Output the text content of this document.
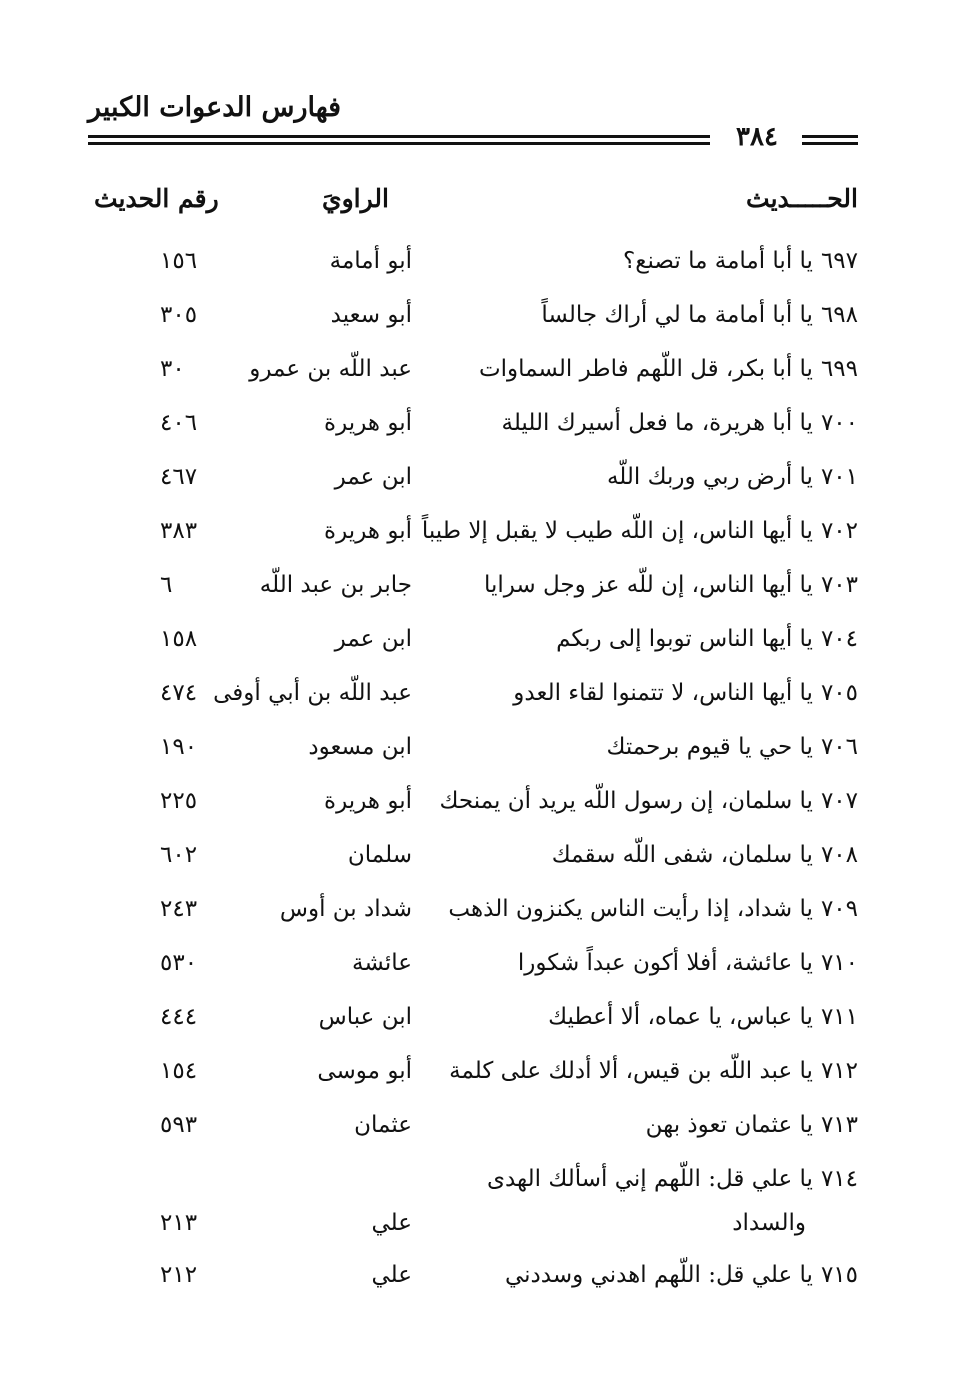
فهارس الدعوات الكبير
٣٨٤
الحـــــديث
الراويَ
رقم الحديث
٦٩٧يا أبا أمامة ما تصنع؟
أبو أمامة
١٥٦
٦٩٨يا أبا أمامة ما لي أراك جالساً
أبو سعيد
٣٠٥
٦٩٩يا أبا بكر، قل اللّهم فاطر السماوات
عبد اللّه بن عمرو
٣٠
٧٠٠يا أبا هريرة، ما فعل أسيرك الليلة
أبو هريرة
٤٠٦
٧٠١يا أرض ربي وربك اللّه
ابن عمر
٤٦٧
٧٠٢يا أيها الناس، إن اللّه طيب لا يقبل إلا طيباً
أبو هريرة
٣٨٣
٧٠٣يا أيها الناس، إن للّه عز وجل سرايا
جابر بن عبد اللّه
٦
٧٠٤يا أيها الناس توبوا إلى ربكم
ابن عمر
١٥٨
٧٠٥يا أيها الناس، لا تتمنوا لقاء العدو
عبد اللّه بن أبي أوفى
٤٧٤
٧٠٦يا حي يا قيوم برحمتك
ابن مسعود
١٩٠
٧٠٧يا سلمان، إن رسول اللّه يريد أن يمنحك
أبو هريرة
٢٢٥
٧٠٨يا سلمان، شفى اللّه سقمك
سلمان
٦٠٢
٧٠٩يا شداد، إذا رأيت الناس يكنزون الذهب
شداد بن أوس
٢٤٣
٧١٠يا عائشة، أفلا أكون عبداً شكورا
عائشة
٥٣٠
٧١١يا عباس، يا عماه، ألا أعطيك
ابن عباس
٤٤٤
٧١٢يا عبد اللّه بن قيس، ألا أدلك على كلمة
أبو موسى
١٥٤
٧١٣يا عثمان تعوذ بهن
عثمان
٥٩٣
٧١٤يا علي قل: اللّهم إني أسألك الهدى
والسداد
علي
٢١٣
٧١٥يا علي قل: اللّهم اهدني وسددني
علي
٢١٢
